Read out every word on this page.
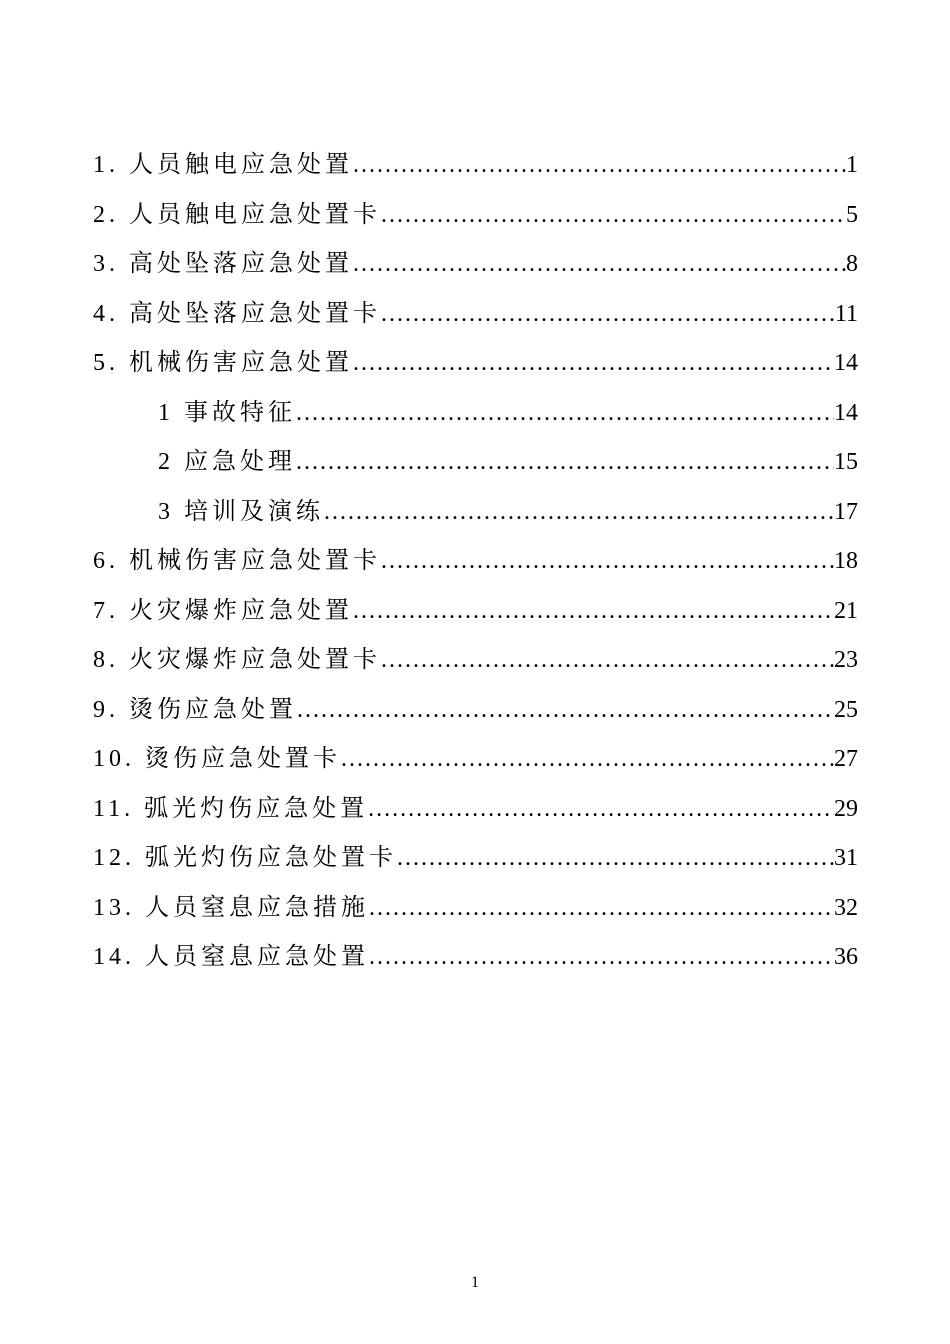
1. 人员触电应急处置 .....	1
2. 人员触电应急处置卡 .....	5
3. 高处坠落应急处置 .....	8
4. 高处坠落应急处置卡 .....	11
5. 机械伤害应急处置 .....	14
1 事故特征 .....	14
2 应急处理 .....	15
3 培训及演练 .....	17
6. 机械伤害应急处置卡 .....	18
7. 火灾爆炸应急处置 .....	21
8. 火灾爆炸应急处置卡 .....	23
9. 烫伤应急处置 .....	25
10. 烫伤应急处置卡 .....	27
11. 弧光灼伤应急处置 .....	29
12. 弧光灼伤应急处置卡 .....	31
13. 人员窒息应急措施 .....	32
14. 人员窒息应急处置 .....	36
1
